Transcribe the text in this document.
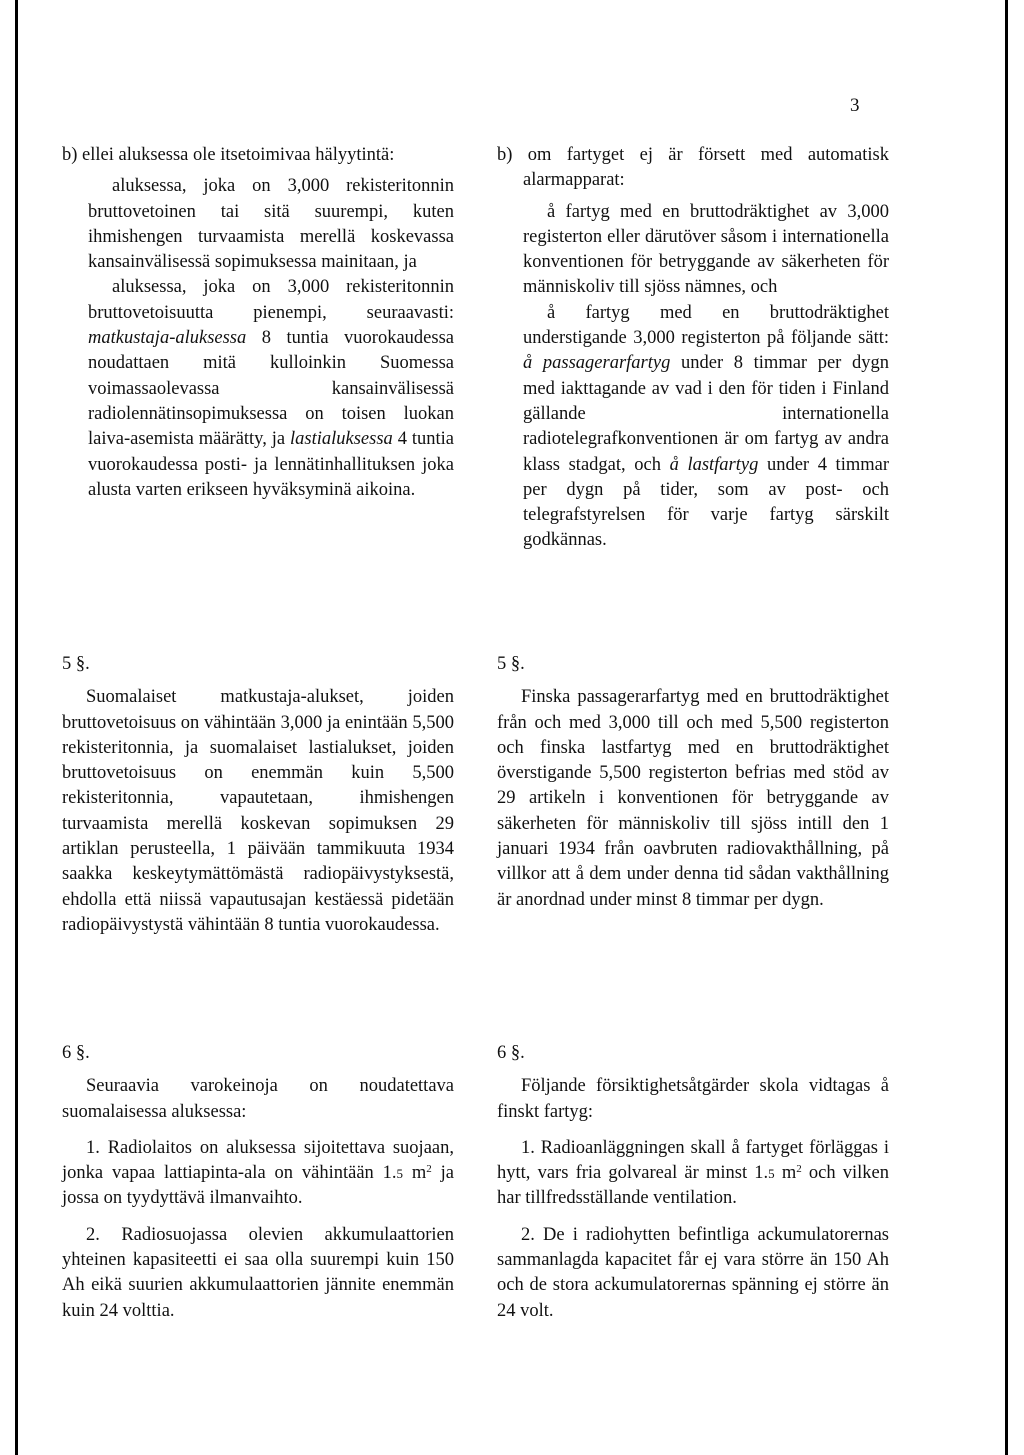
3

b) ellei aluksessa ole itsetoimivaa hälyytintä:

aluksessa, joka on 3,000 rekisteritonnin bruttovetoinen tai sitä suurempi, kuten ihmishengen turvaamista merellä koskevassa kansainvälisessä sopimuksessa mainitaan, ja

aluksessa, joka on 3,000 rekisteritonnin bruttovetoisuutta pienempi, seuraavasti: matkustaja-aluksessa 8 tuntia vuorokaudessa noudattaen mitä kulloinkin Suomessa voimassaolevassa kansainvälisessä radiolennätinsopimuksessa on toisen luokan laiva-asemista määrätty, ja lastialuksessa 4 tuntia vuorokaudessa posti- ja lennätinhallituksen joka alusta varten erikseen hyväksyminä aikoina.

5 §.

Suomalaiset matkustaja-alukset, joiden bruttovetoisuus on vähintään 3,000 ja enintään 5,500 rekisteritonnia, ja suomalaiset lastialukset, joiden bruttovetoisuus on enemmän kuin 5,500 rekisteritonnia, vapautetaan, ihmishengen turvaamista merellä koskevan sopimuksen 29 artiklan perusteella, 1 päivään tammikuuta 1934 saakka keskeytymättömästä radiopäivystyksestä, ehdolla että niissä vapautusajan kestäessä pidetään radiopäivystystä vähintään 8 tuntia vuorokaudessa.

6 §.

Seuraavia varokeinoja on noudatettava suomalaisessa aluksessa:

1. Radiolaitos on aluksessa sijoitettava suojaan, jonka vapaa lattiapinta-ala on vähintään 1.5 $m^2$ ja jossa on tyydyttävä ilmanvaihto.

2. Radiosuojassa olevien akkumulaattorien yhteinen kapasiteetti ei saa olla suurempi kuin 150 Ah eikä suurien akkumulaattorien jännite enemmän kuin 24 volttia.

b) om fartyget ej är försett med automatisk alarmapparat:

å fartyg med en bruttodräktighet av 3,000 registerton eller därutöver såsom i internationella konventionen för betryggande av säkerheten för människoliv till sjöss nämnes, och

å fartyg med en bruttodräktighet understigande 3,000 registerton på följande sätt: å passagerarfartyg under 8 timmar per dygn med iakttagande av vad i den för tiden i Finland gällande internationella radiotelegrafkonventionen är om fartyg av andra klass stadgat, och å lastfartyg under 4 timmar per dygn på tider, som av post- och telegrafstyrelsen för varje fartyg särskilt godkännas.

5 §.

Finska passagerarfartyg med en bruttodräktighet från och med 3,000 till och med 5,500 registerton och finska lastfartyg med en bruttodräktighet överstigande 5,500 registerton befrias med stöd av 29 artikeln i konventionen för betryggande av säkerheten för människoliv till sjöss intill den 1 januari 1934 från oavbruten radiovakthållning, på villkor att å dem under denna tid sådan vakthållning är anordnad under minst 8 timmar per dygn.

6 §.

Följande försiktighetsåtgärder skola vidtagas å finskt fartyg:

1. Radioanläggningen skall å fartyget förläggas i hytt, vars fria golvareal är minst 1.5 $m^2$ och vilken har tillfredsställande ventilation.

2. De i radiohytten befintliga ackumulatorernas sammanlagda kapacitet får ej vara större än 150 Ah och de stora ackumulatorernas spänning ej större än 24 volt.
